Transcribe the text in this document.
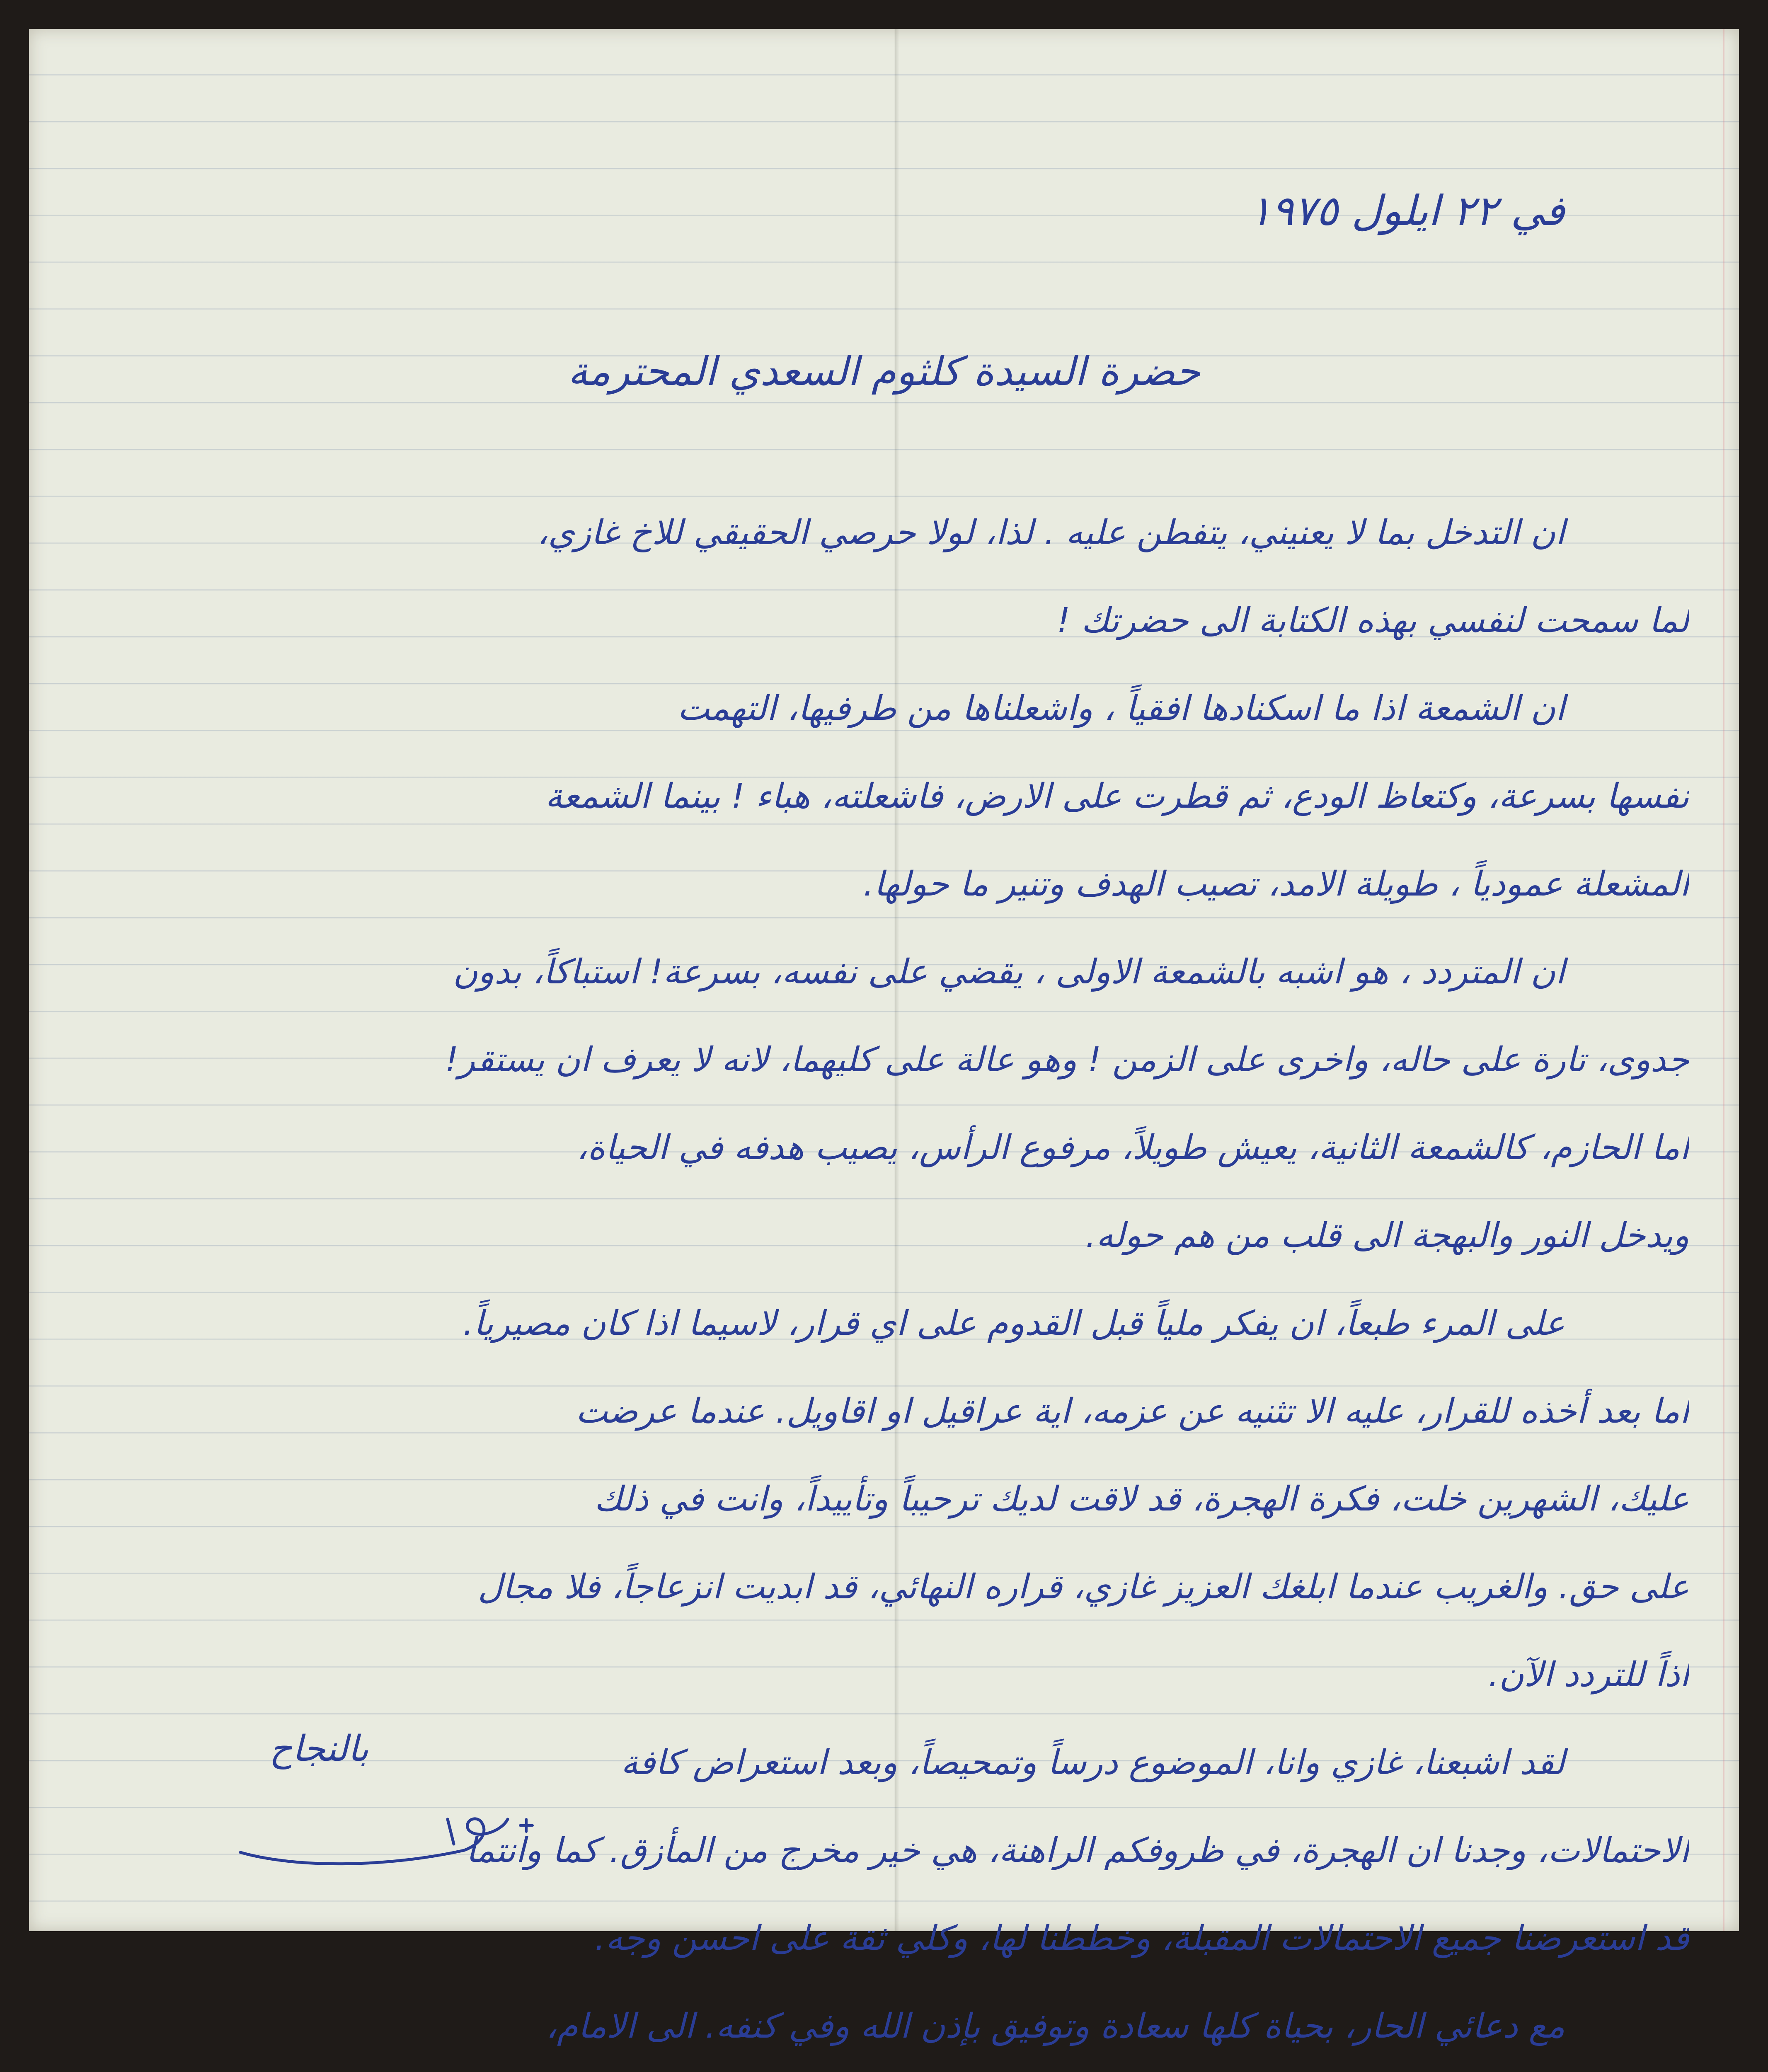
في ٢٢ ايلول ١٩٧٥
حضرة السيدة كلثوم السعدي المحترمة
ان التدخل بما لا يعنيني، يتفطن عليه . لذا، لولا حرصي الحقيقي للاخ غازي،
لما سمحت لنفسي بهذه الكتابة الى حضرتك !
ان الشمعة اذا ما اسكنادها افقياً ، واشعلناها من طرفيها، التهمت
نفسها بسرعة، وكتعاظ الودع، ثم قطرت على الارض، فاشعلته، هباء ! بينما الشمعة
المشعلة عمودياً ، طويلة الامد، تصيب الهدف وتنير ما حولها.
ان المتردد ، هو اشبه بالشمعة الاولى ، يقضي على نفسه، بسرعة! استباكاً، بدون
جدوى، تارة على حاله، واخرى على الزمن ! وهو عالة على كليهما، لانه لا يعرف ان يستقر!
اما الحازم، كالشمعة الثانية، يعيش طويلاً، مرفوع الرأس، يصيب هدفه في الحياة،
ويدخل النور والبهجة الى قلب من هم حوله.
على المرء طبعاً، ان يفكر ملياً قبل القدوم على اي قرار، لاسيما اذا كان مصيرياً.
اما بعد أخذه للقرار، عليه الا تثنيه عن عزمه، اية عراقيل او اقاويل. عندما عرضت
عليك، الشهرين خلت، فكرة الهجرة، قد لاقت لديك ترحيباً وتأييداً، وانت في ذلك
على حق. والغريب عندما ابلغك العزيز غازي، قراره النهائي، قد ابديت انزعاجاً، فلا مجال
اذاً للتردد الآن.
لقد اشبعنا، غازي وانا، الموضوع درساً وتمحيصاً، وبعد استعراض كافة
الاحتمالات، وجدنا ان الهجرة، في ظروفكم الراهنة، هي خير مخرج من المأزق. كما وانتما
قد استعرضنا جميع الاحتمالات المقبلة، وخططنا لها، وكلي ثقة على احسن وجه.
مع دعائي الحار، بحياة كلها سعادة وتوفيق بإذن الله وفي كنفه. الى الامام،
بالنجاح
